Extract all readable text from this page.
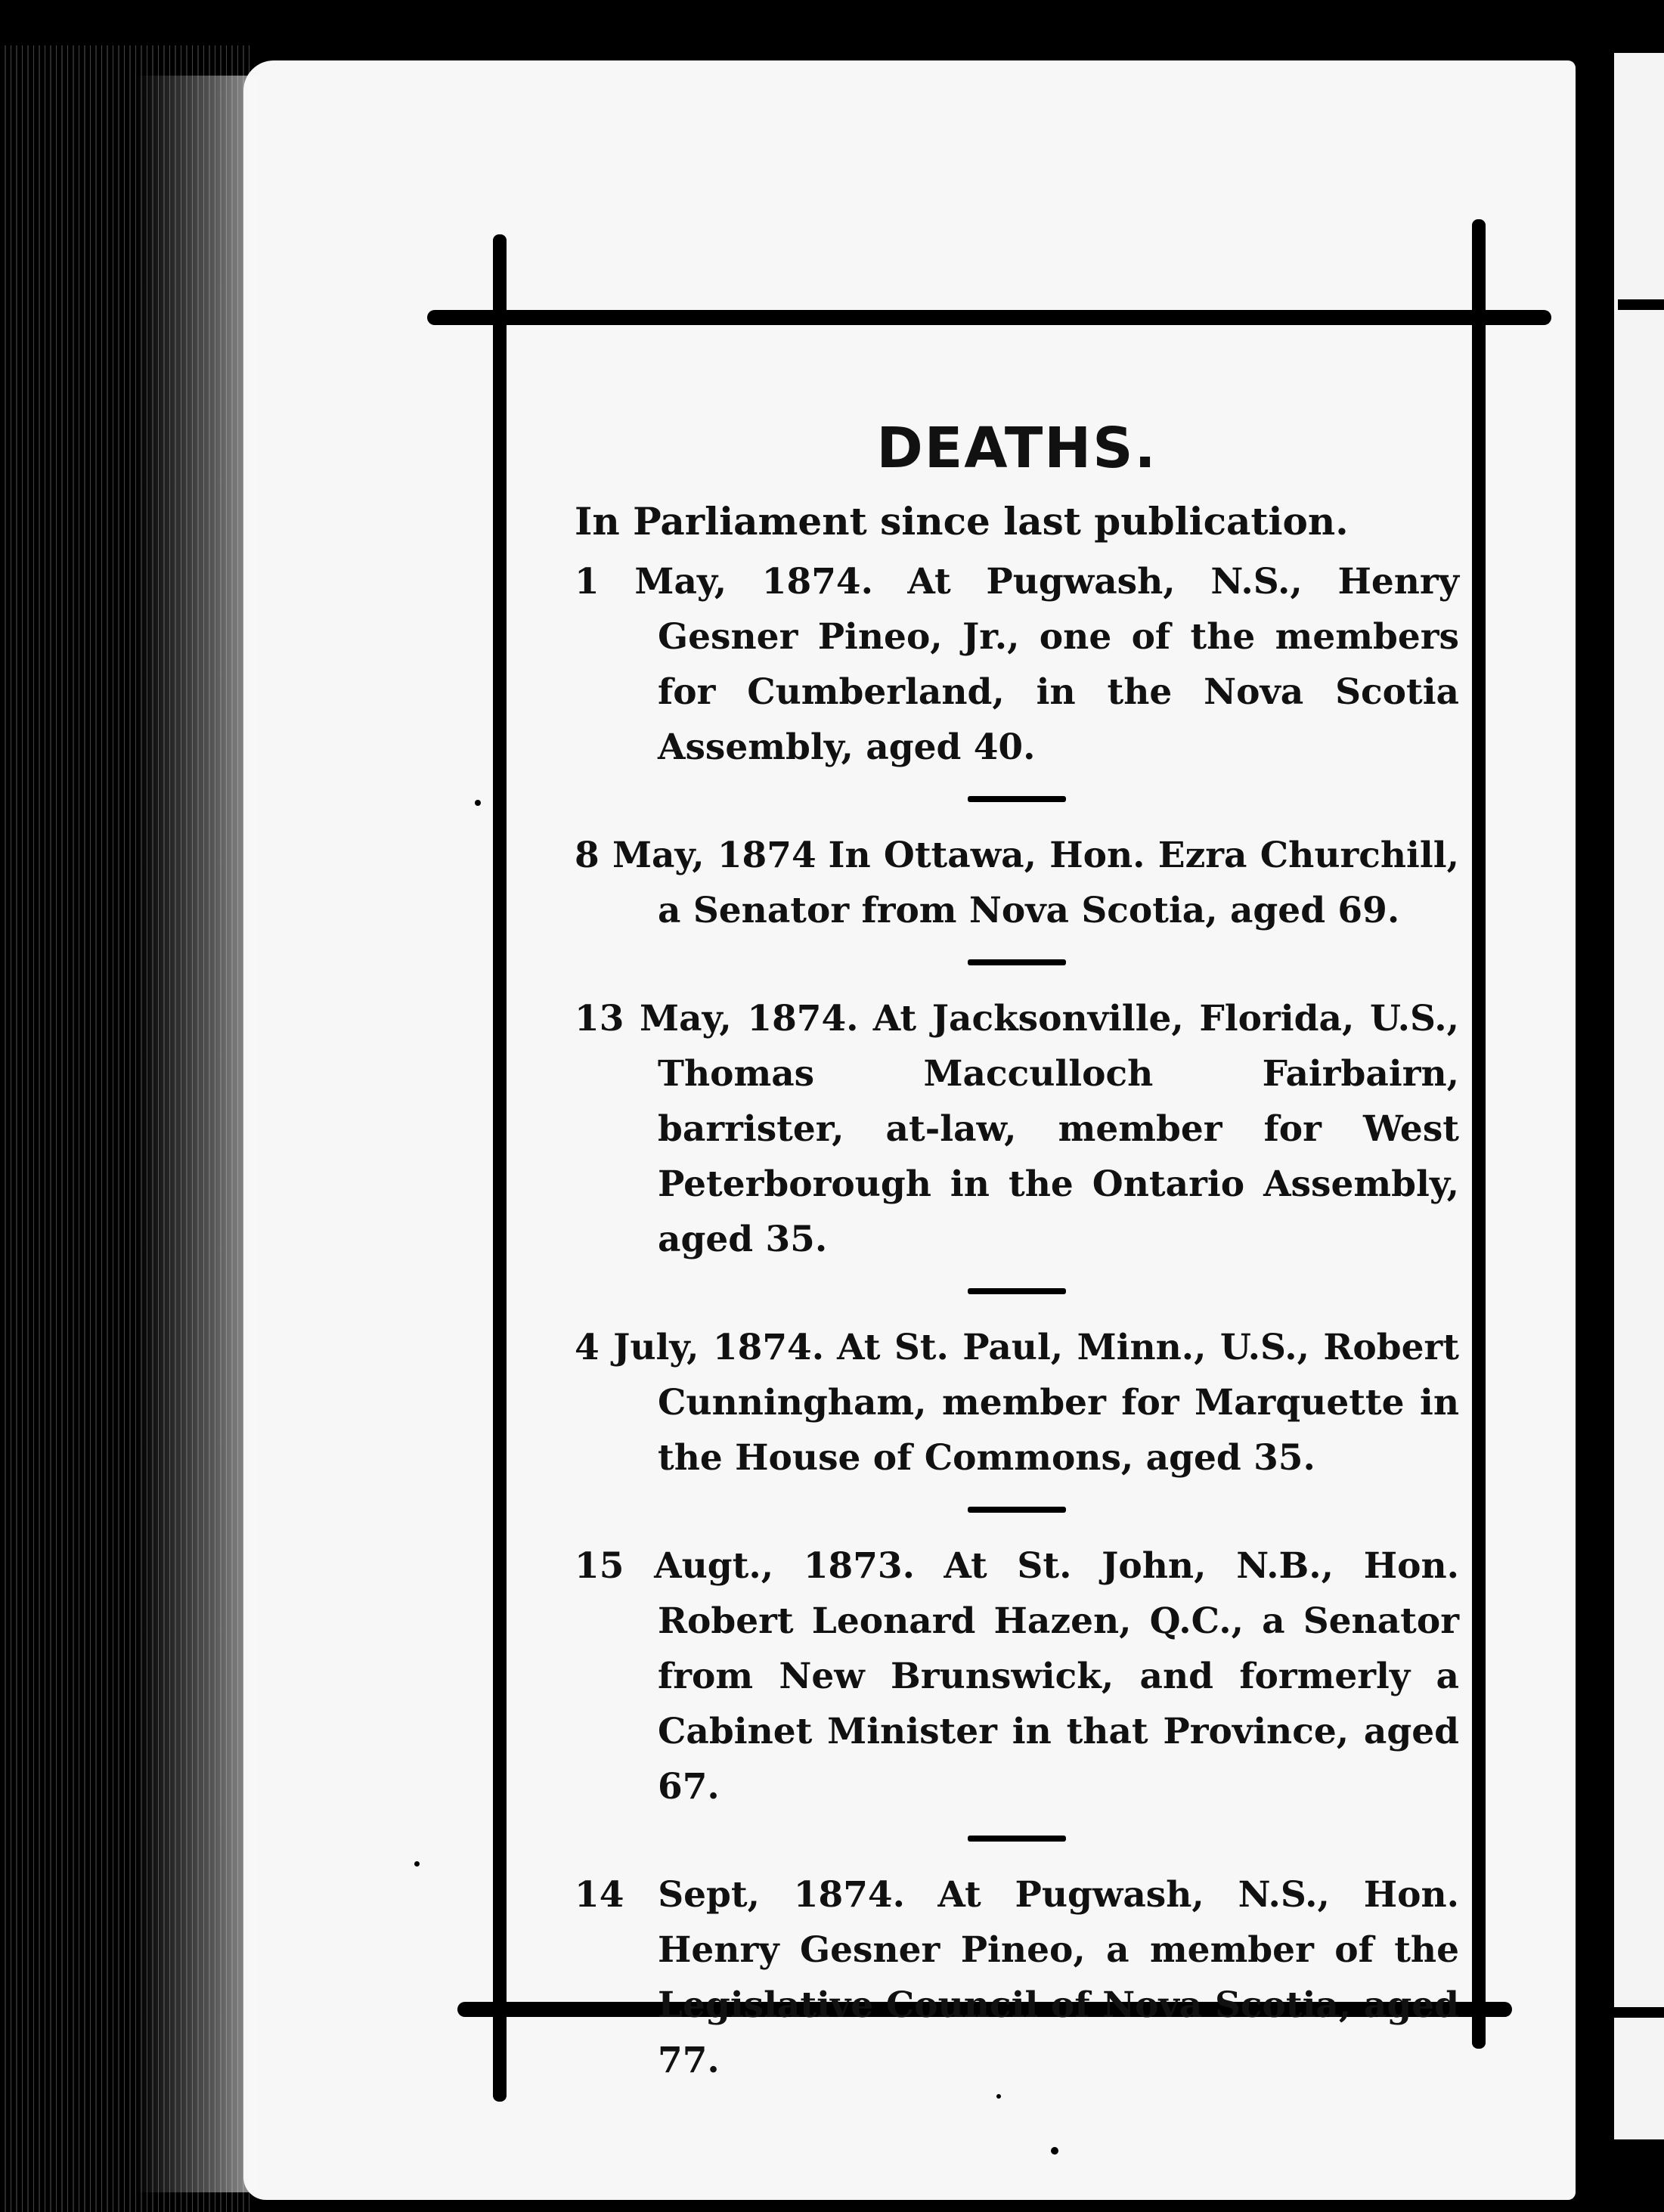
DEATHS.
In Parliament since last publication.

1 May, 1874. At Pugwash, N.S., Henry Gesner Pineo, Jr., one of the members for Cumberland, in the Nova Scotia Assembly, aged 40.

8 May, 1874 In Ottawa, Hon. Ezra Churchill, a Senator from Nova Scotia, aged 69.

13 May, 1874. At Jacksonville, Florida, U.S., Thomas Macculloch Fairbairn, barrister, at-law, member for West Peterborough in the Ontario Assembly, aged 35.

4 July, 1874. At St. Paul, Minn., U.S., Robert Cunningham, member for Marquette in the House of Commons, aged 35.

15 Augt., 1873. At St. John, N.B., Hon. Robert Leonard Hazen, Q.C., a Senator from New Brunswick, and formerly a Cabinet Minister in that Province, aged 67.

14 Sept, 1874. At Pugwash, N.S., Hon. Henry Gesner Pineo, a member of the Legislative Council of Nova Scotia, aged 77.
